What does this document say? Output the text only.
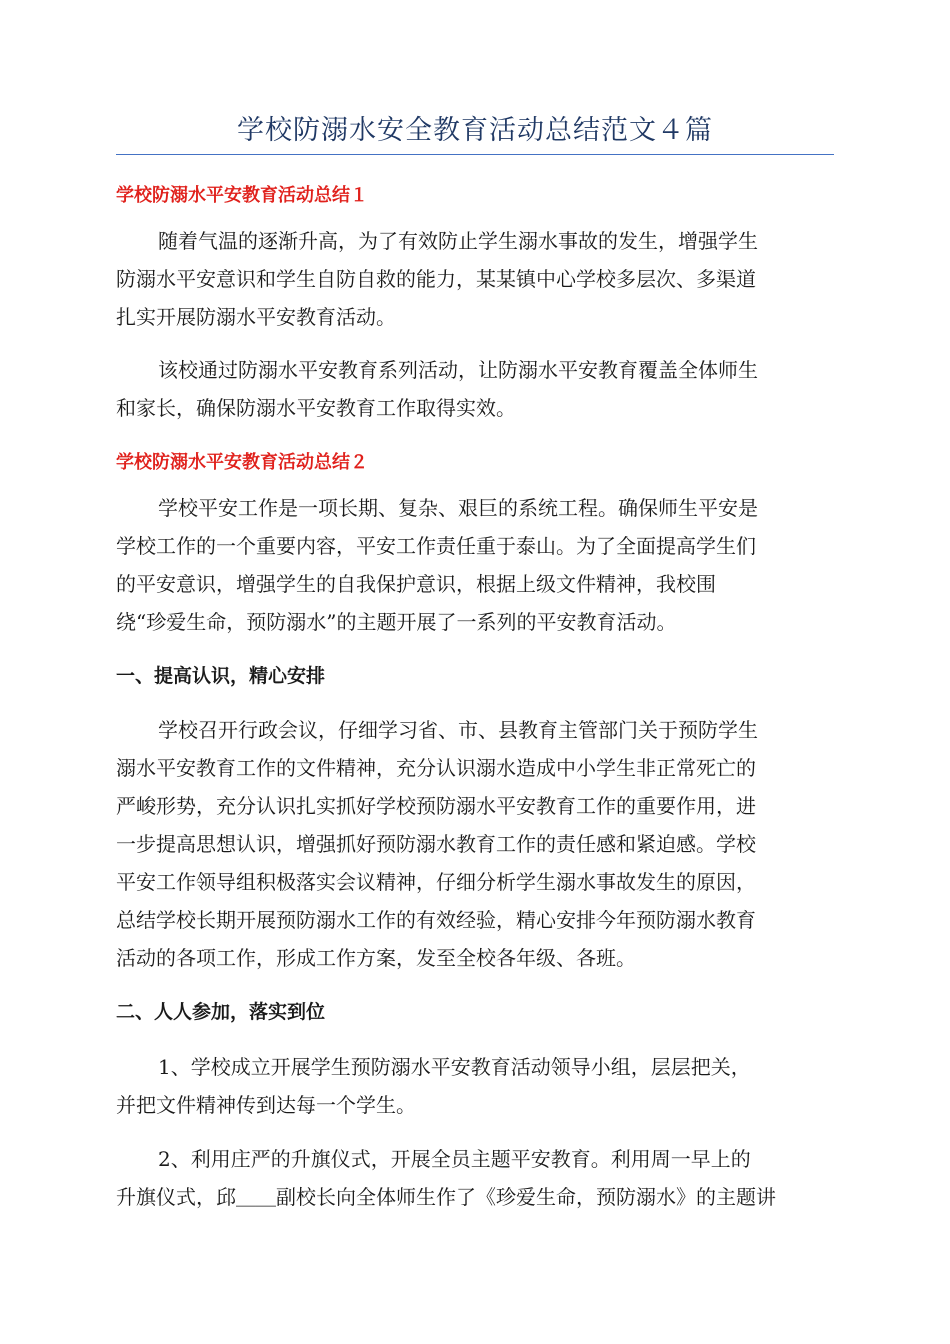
学校防溺水安全教育活动总结范文４篇
学校防溺水平安教育活动总结１
随着气温的逐渐升高，为了有效防止学生溺水事故的发生，增强学生
防溺水平安意识和学生自防自救的能力，某某镇中心学校多层次、多渠道
扎实开展防溺水平安教育活动。
该校通过防溺水平安教育系列活动，让防溺水平安教育覆盖全体师生
和家长，确保防溺水平安教育工作取得实效。
学校防溺水平安教育活动总结２
学校平安工作是一项长期、复杂、艰巨的系统工程。确保师生平安是
学校工作的一个重要内容，平安工作责任重于泰山。为了全面提高学生们
的平安意识，增强学生的自我保护意识，根据上级文件精神，我校围
绕“珍爱生命，预防溺水”的主题开展了一系列的平安教育活动。
一、提高认识，精心安排
学校召开行政会议，仔细学习省、市、县教育主管部门关于预防学生
溺水平安教育工作的文件精神，充分认识溺水造成中小学生非正常死亡的
严峻形势，充分认识扎实抓好学校预防溺水平安教育工作的重要作用，进
一步提高思想认识，增强抓好预防溺水教育工作的责任感和紧迫感。学校
平安工作领导组积极落实会议精神，仔细分析学生溺水事故发生的原因，
总结学校长期开展预防溺水工作的有效经验，精心安排今年预防溺水教育
活动的各项工作，形成工作方案，发至全校各年级、各班。
二、人人参加，落实到位
1、学校成立开展学生预防溺水平安教育活动领导小组，层层把关，
并把文件精神传到达每一个学生。
2、利用庄严的升旗仪式，开展全员主题平安教育。利用周一早上的
升旗仪式，邱＿＿副校长向全体师生作了《珍爱生命，预防溺水》的主题讲
